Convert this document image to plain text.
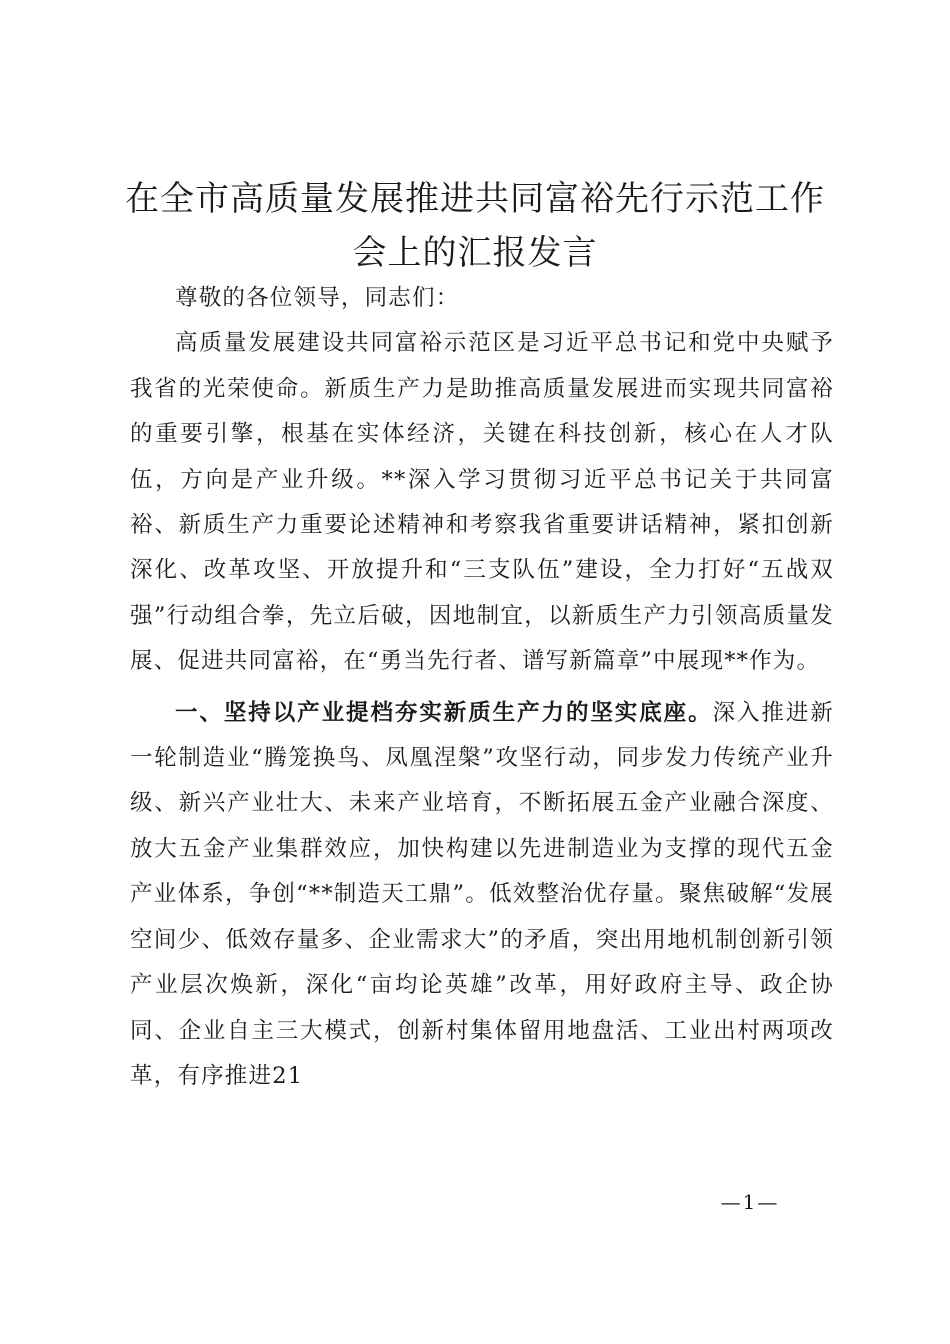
在全市高质量发展推进共同富裕先行示范工作会上的汇报发言

尊敬的各位领导，同志们：

高质量发展建设共同富裕示范区是习近平总书记和党中央赋予我省的光荣使命。新质生产力是助推高质量发展进而实现共同富裕的重要引擎，根基在实体经济，关键在科技创新，核心在人才队伍，方向是产业升级。**深入学习贯彻习近平总书记关于共同富裕、新质生产力重要论述精神和考察我省重要讲话精神，紧扣创新深化、改革攻坚、开放提升和“三支队伍”建设，全力打好“五战双强”行动组合拳，先立后破，因地制宜，以新质生产力引领高质量发展、促进共同富裕，在“勇当先行者、谱写新篇章”中展现**作为。

一、坚持以产业提档夯实新质生产力的坚实底座。深入推进新一轮制造业“腾笼换鸟、凤凰涅槃”攻坚行动，同步发力传统产业升级、新兴产业壮大、未来产业培育，不断拓展五金产业融合深度、放大五金产业集群效应，加快构建以先进制造业为支撑的现代五金产业体系，争创“**制造天工鼎”。低效整治优存量。聚焦破解“发展空间少、低效存量多、企业需求大”的矛盾，突出用地机制创新引领产业层次焕新，深化“亩均论英雄”改革，用好政府主导、政企协同、企业自主三大模式，创新村集体留用地盘活、工业出村两项改革，有序推进21

—1—
